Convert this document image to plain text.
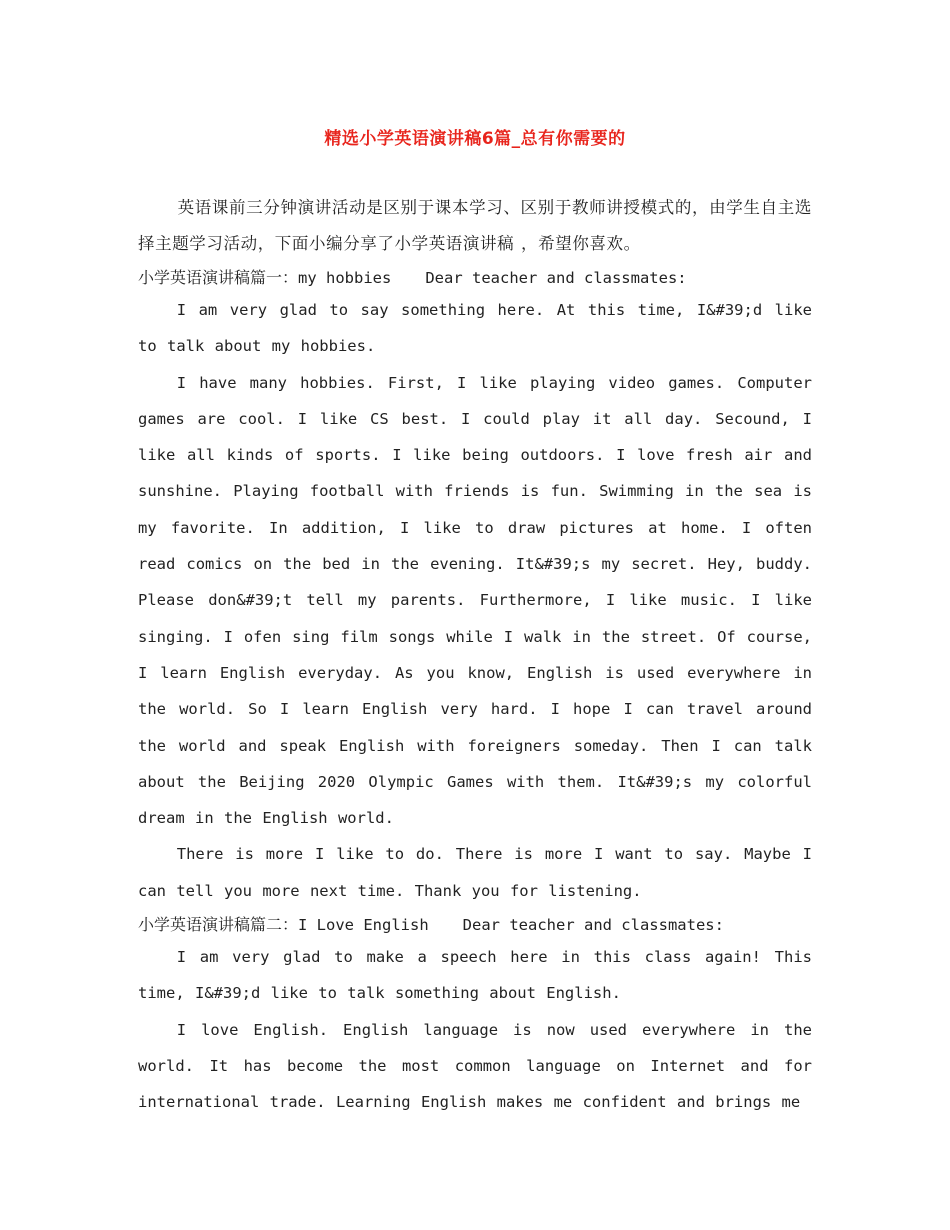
精选小学英语演讲稿6篇_总有你需要的

英语课前三分钟演讲活动是区别于课本学习、区别于教师讲授模式的，由学生自主选择主题学习活动，下面小编分享了小学英语演讲稿 ，希望你喜欢。

小学英语演讲稿篇一：my hobbies Dear teacher and classmates:

I am very glad to say something here. At this time, I&#39;d like to talk about my hobbies.

I have many hobbies. First, I like playing video games. Computer games are cool. I like CS best. I could play it all day. Secound, I like all kinds of sports. I like being outdoors. I love fresh air and sunshine. Playing football with friends is fun. Swimming in the sea is my favorite. In addition, I like to draw pictures at home. I often read comics on the bed in the evening. It&#39;s my secret. Hey, buddy. Please don&#39;t tell my parents. Furthermore, I like music. I like singing. I ofen sing film songs while I walk in the street. Of course, I learn English everyday. As you know, English is used everywhere in the world. So I learn English very hard. I hope I can travel around the world and speak English with foreigners someday. Then I can talk about the Beijing 2020 Olympic Games with them. It&#39;s my colorful dream in the English world.

There is more I like to do. There is more I want to say. Maybe I can tell you more next time. Thank you for listening.

小学英语演讲稿篇二：I Love English Dear teacher and classmates:

I am very glad to make a speech here in this class again! This time, I&#39;d like to talk something about English.

I love English. English language is now used everywhere in the world. It has become the most common language on Internet and for international trade. Learning English makes me confident and brings me
